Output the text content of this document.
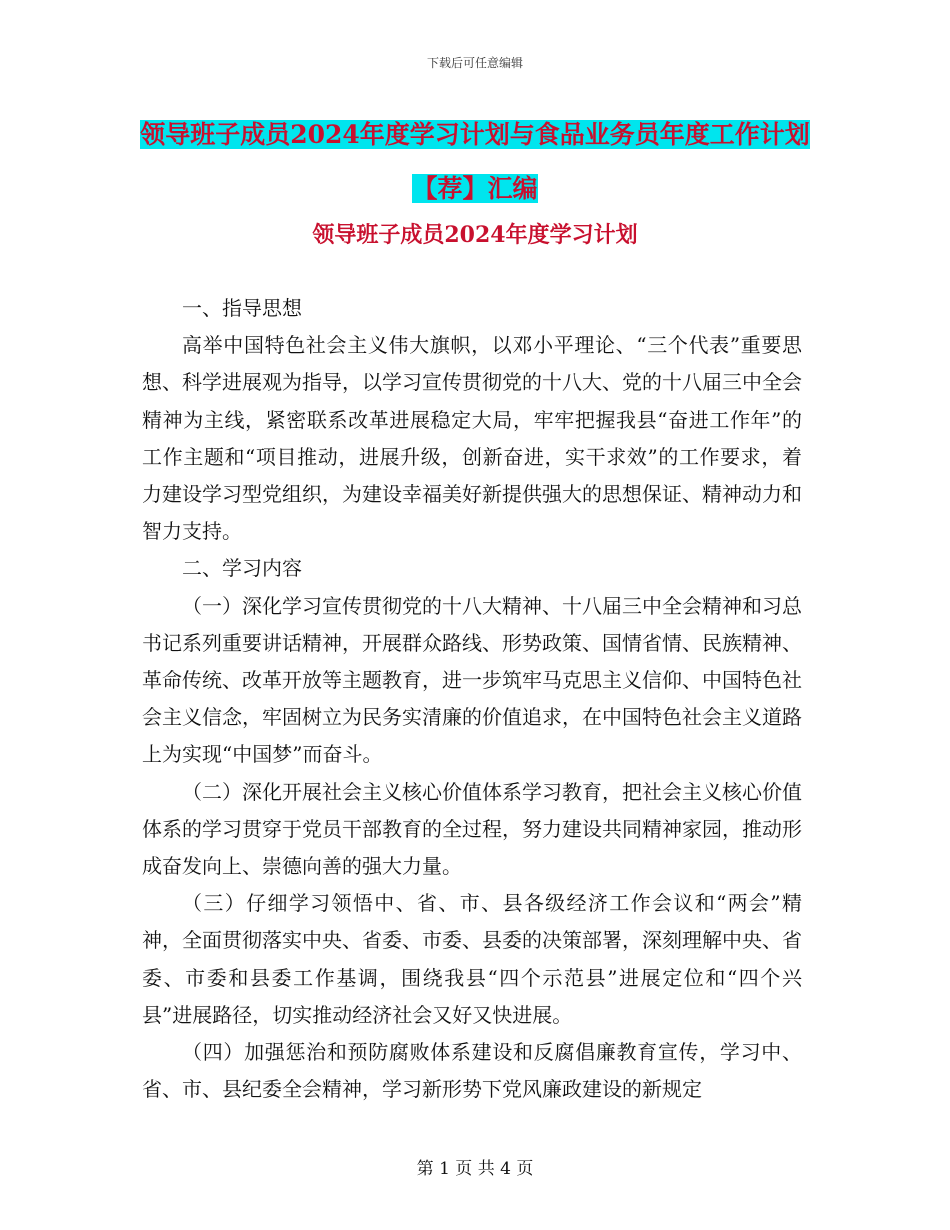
下载后可任意编辑
领导班子成员2024年度学习计划与食品业务员年度工作计划【荐】汇编
领导班子成员2024年度学习计划

一、指导思想

高举中国特色社会主义伟大旗帜，以邓小平理论、“三个代表”重要思想、科学进展观为指导，以学习宣传贯彻党的十八大、党的十八届三中全会精神为主线，紧密联系改革进展稳定大局，牢牢把握我县“奋进工作年”的工作主题和“项目推动，进展升级，创新奋进，实干求效”的工作要求，着力建设学习型党组织，为建设幸福美好新提供强大的思想保证、精神动力和智力支持。

二、学习内容

（一）深化学习宣传贯彻党的十八大精神、十八届三中全会精神和习总书记系列重要讲话精神，开展群众路线、形势政策、国情省情、民族精神、革命传统、改革开放等主题教育，进一步筑牢马克思主义信仰、中国特色社会主义信念，牢固树立为民务实清廉的价值追求，在中国特色社会主义道路上为实现“中国梦”而奋斗。

（二）深化开展社会主义核心价值体系学习教育，把社会主义核心价值体系的学习贯穿于党员干部教育的全过程，努力建设共同精神家园，推动形成奋发向上、崇德向善的强大力量。

（三）仔细学习领悟中、省、市、县各级经济工作会议和“两会”精神，全面贯彻落实中央、省委、市委、县委的决策部署，深刻理解中央、省委、市委和县委工作基调，围绕我县“四个示范县”进展定位和“四个兴县”进展路径，切实推动经济社会又好又快进展。

（四）加强惩治和预防腐败体系建设和反腐倡廉教育宣传，学习中、省、市、县纪委全会精神，学习新形势下党风廉政建设的新规定

第 1 页 共 4 页
